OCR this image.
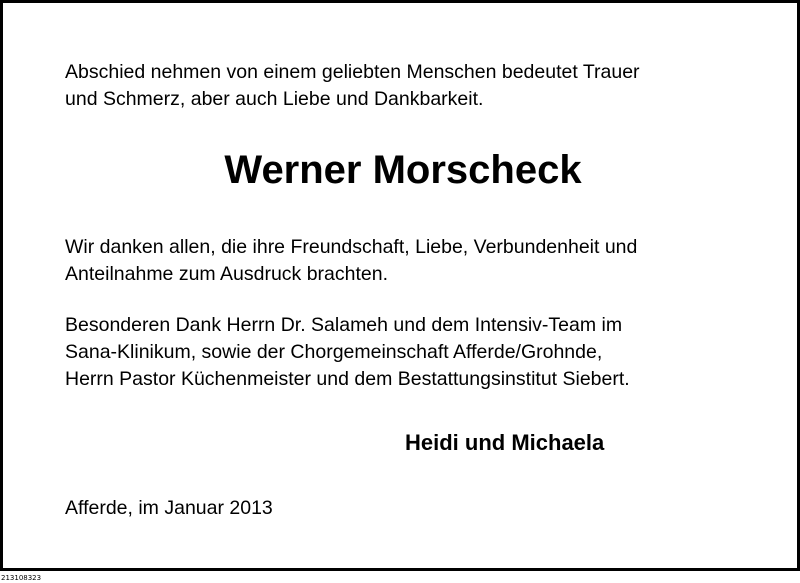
Abschied nehmen von einem geliebten Menschen bedeutet Trauer
und Schmerz, aber auch Liebe und Dankbarkeit.

Werner Morscheck

Wir danken allen, die ihre Freundschaft, Liebe, Verbundenheit und
Anteilnahme zum Ausdruck brachten.

Besonderen Dank Herrn Dr. Salameh und dem Intensiv-Team im
Sana-Klinikum, sowie der Chorgemeinschaft Afferde/Grohnde,
Herrn Pastor Küchenmeister und dem Bestattungsinstitut Siebert.

Heidi und Michaela

Afferde, im Januar 2013

213108323
